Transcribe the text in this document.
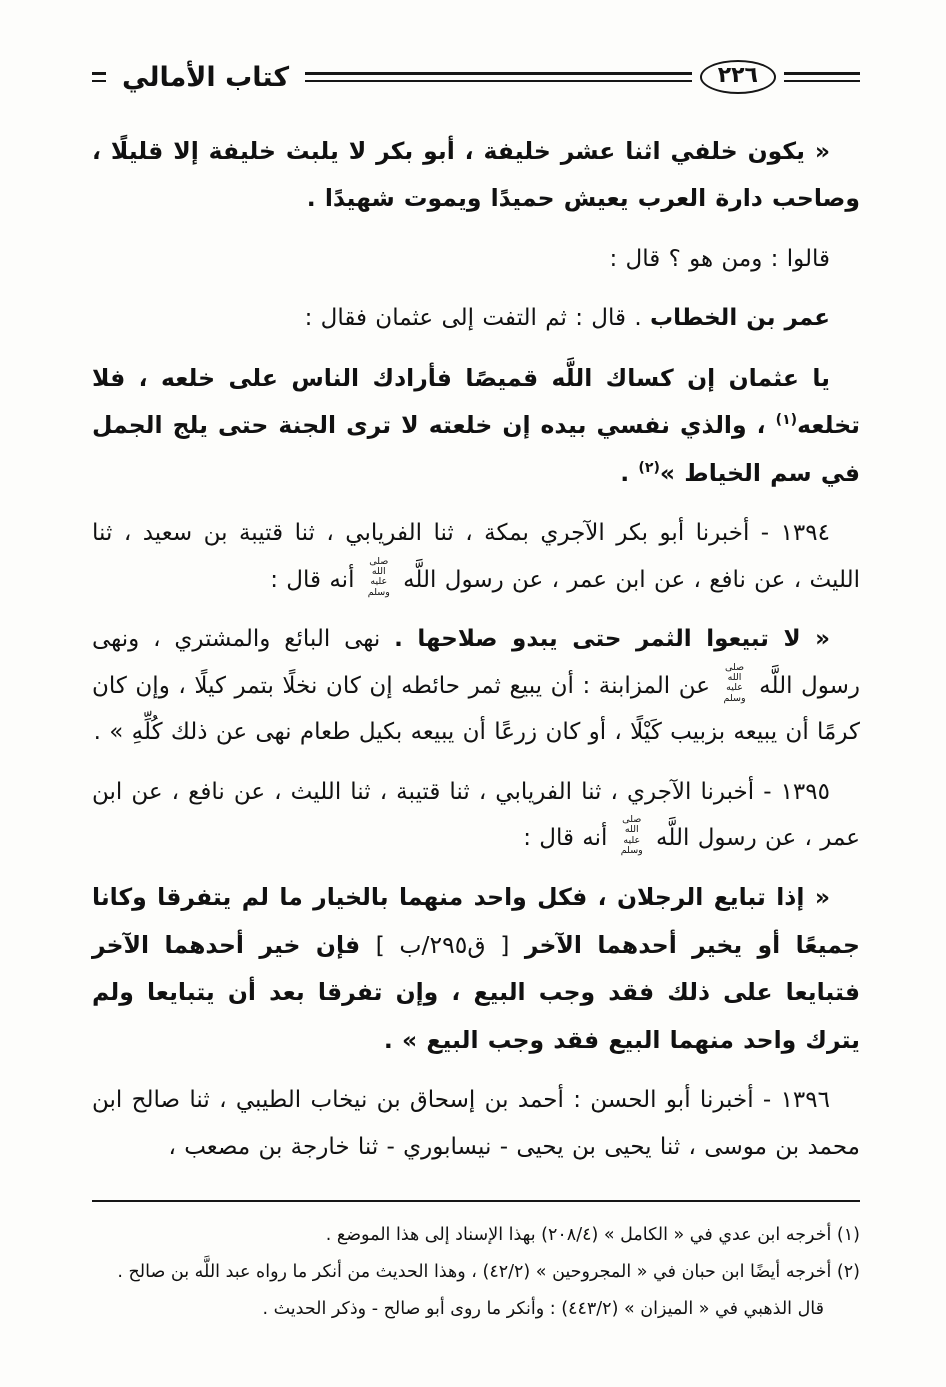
٢٢٦
كتاب الأمالي

« يكون خلفي اثنا عشر خليفة ، أبو بكر لا يلبث خليفة إلا قليلًا ، وصاحب دارة العرب يعيش حميدًا ويموت شهيدًا .

قالوا : ومن هو ؟ قال :

عمر بن الخطاب . قال : ثم التفت إلى عثمان فقال :

يا عثمان إن كساك اللَّه قميصًا فأرادك الناس على خلعه ، فلا تخلعه$^{(١)}$ ، والذي نفسي بيده إن خلعته لا ترى الجنة حتى يلج الجمل في سم الخياط »$^{(٢)}$ .

١٣٩٤ - أخبرنا أبو بكر الآجري بمكة ، ثنا الفريابي ، ثنا قتيبة بن سعيد ، ثنا الليث ، عن نافع ، عن ابن عمر ، عن رسول اللَّه صلى الله عليه وسلم أنه قال :

« لا تبيعوا الثمر حتى يبدو صلاحها . نهى البائع والمشتري ، ونهى رسول اللَّه صلى الله عليه وسلم عن المزابنة : أن يبيع ثمر حائطه إن كان نخلًا بتمر كيلًا ، وإن كان كرمًا أن يبيعه بزبيب كَيْلًا ، أو كان زرعًا أن يبيعه بكيل طعام نهى عن ذلك كُلِّهِ » .

١٣٩٥ - أخبرنا الآجري ، ثنا الفريابي ، ثنا قتيبة ، ثنا الليث ، عن نافع ، عن ابن عمر ، عن رسول اللَّه صلى الله عليه وسلم أنه قال :

« إذا تبايع الرجلان ، فكل واحد منهما بالخيار ما لم يتفرقا وكانا جميعًا أو يخير أحدهما الآخر [ ق٢٩٥/ب ] فإن خير أحدهما الآخر فتبايعا على ذلك فقد وجب البيع ، وإن تفرقا بعد أن يتبايعا ولم يترك واحد منهما البيع فقد وجب البيع » .

١٣٩٦ - أخبرنا أبو الحسن : أحمد بن إسحاق بن نيخاب الطيبي ، ثنا صالح ابن محمد بن موسى ، ثنا يحيى بن يحيى - نيسابوري - ثنا خارجة بن مصعب ،

(١) أخرجه ابن عدي في « الكامل » (٢٠٨/٤) بهذا الإسناد إلى هذا الموضع .

(٢) أخرجه أيضًا ابن حبان في « المجروحين » (٤٢/٢) ، وهذا الحديث من أنكر ما رواه عبد اللَّه بن صالح .

قال الذهبي في « الميزان » (٤٤٣/٢) : وأنكر ما روى أبو صالح - وذكر الحديث .
